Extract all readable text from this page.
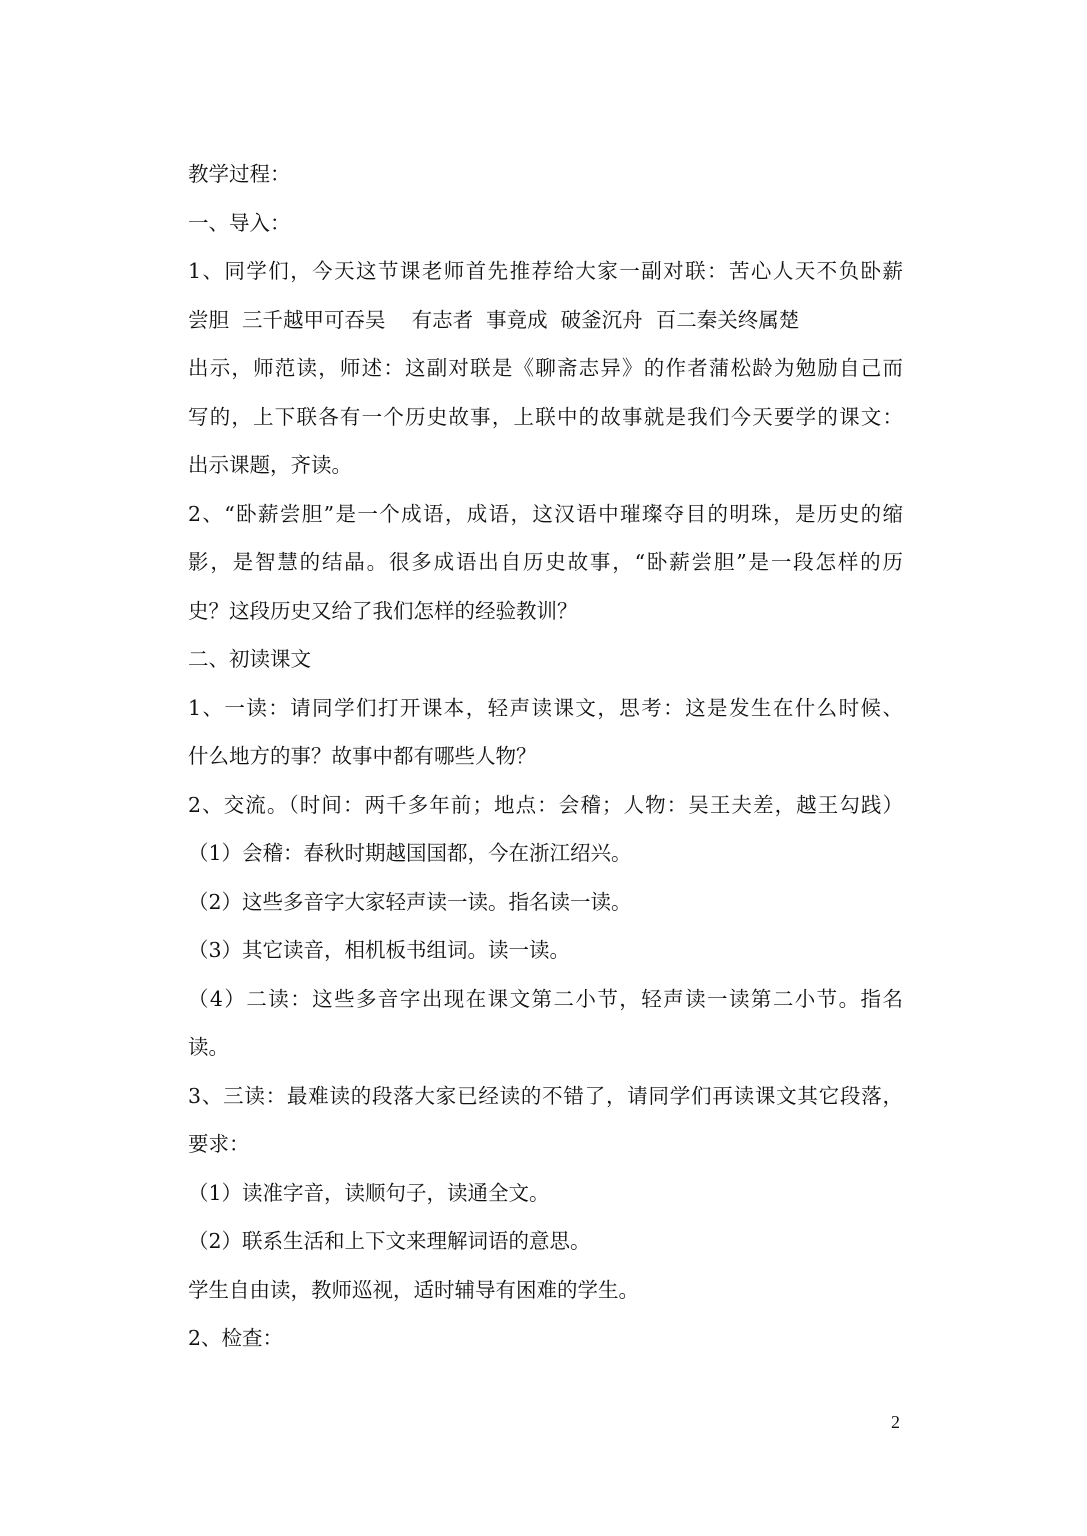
教学过程：
一、导入：
1、同学们，今天这节课老师首先推荐给大家一副对联：苦心人天不负卧薪
尝胆  三千越甲可吞吴    有志者  事竟成  破釜沉舟  百二秦关终属楚
出示，师范读，师述：这副对联是《聊斋志异》的作者蒲松龄为勉励自己而
写的，上下联各有一个历史故事，上联中的故事就是我们今天要学的课文：
出示课题，齐读。
2、“卧薪尝胆”是一个成语，成语，这汉语中璀璨夺目的明珠，是历史的缩
影，是智慧的结晶。很多成语出自历史故事，“卧薪尝胆”是一段怎样的历
史？这段历史又给了我们怎样的经验教训？
二、初读课文
1、一读：请同学们打开课本，轻声读课文，思考：这是发生在什么时候、
什么地方的事？故事中都有哪些人物？
2、交流。（时间：两千多年前；地点：会稽；人物：吴王夫差，越王勾践）
（1）会稽：春秋时期越国国都，今在浙江绍兴。
（2）这些多音字大家轻声读一读。指名读一读。
（3）其它读音，相机板书组词。读一读。
（4）二读：这些多音字出现在课文第二小节，轻声读一读第二小节。指名
读。
3、三读：最难读的段落大家已经读的不错了，请同学们再读课文其它段落，
要求：
（1）读准字音，读顺句子，读通全文。
（2）联系生活和上下文来理解词语的意思。
学生自由读，教师巡视，适时辅导有困难的学生。
2、检查：
2
